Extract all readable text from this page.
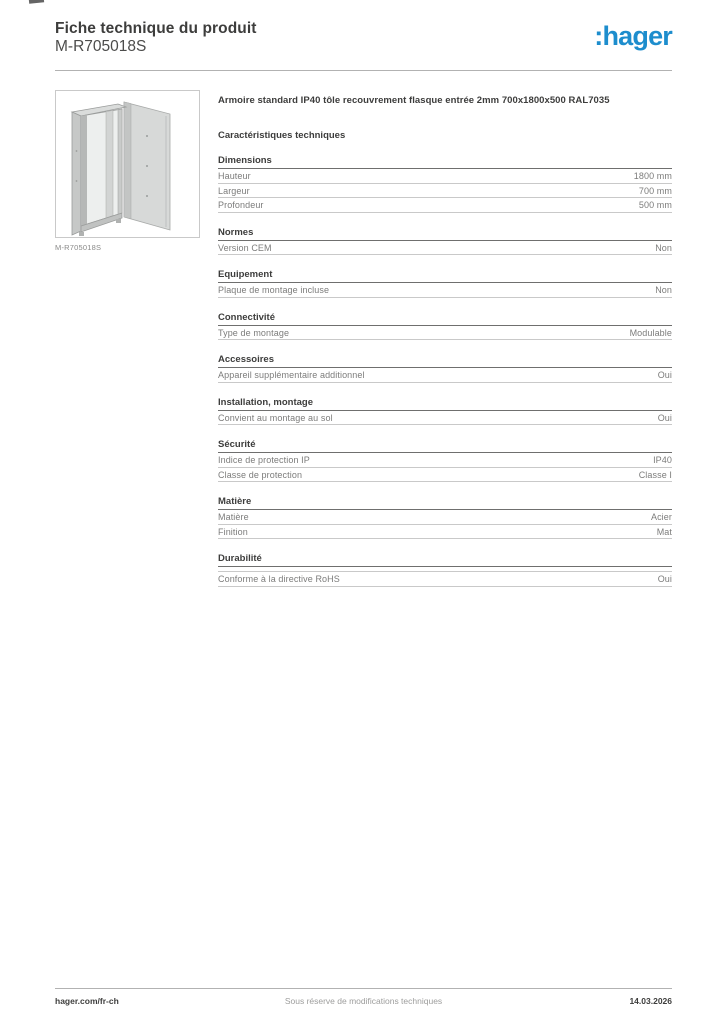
Fiche technique du produit
M-R705018S	:hager
M-R705018S
Armoire standard IP40 tôle recouvrement flasque entrée 2mm 700x1800x500 RAL7035
Caractéristiques techniques
Dimensions
Hauteur	1800 mm
Largeur	700 mm
Profondeur	500 mm
Normes
Version CEM	Non
Equipement
Plaque de montage incluse	Non
Connectivité
Type de montage	Modulable
Accessoires
Appareil supplémentaire additionnel	Oui
Installation, montage
Convient au montage au sol	Oui
Sécurité
Indice de protection IP	IP40
Classe de protection	Classe I
Matière
Matière	Acier
Finition	Mat
Durabilité
Conforme à la directive RoHS	Oui
hager.com/fr-ch	Sous réserve de modifications techniques	14.03.2026
